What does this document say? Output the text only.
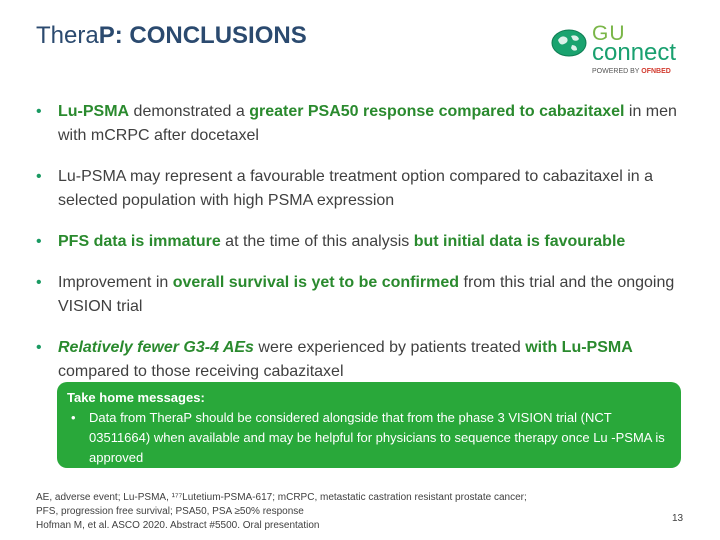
TheraP: CONCLUSIONS	GU
connect
POWERED BY OFNBED
• Lu-PSMA demonstrated a greater PSA50 response compared to cabazitaxel in men with mCRPC after docetaxel
• Lu-PSMA may represent a favourable treatment option compared to cabazitaxel in a selected population with high PSMA expression
• PFS data is immature at the time of this analysis but initial data is favourable
• Improvement in overall survival is yet to be confirmed from this trial and the ongoing VISION trial
• Relatively fewer G3-4 AEs were experienced by patients treated with Lu-PSMA compared to those receiving cabazitaxel
Take home messages:
• Data from TheraP should be considered alongside that from the phase 3 VISION trial (NCT 03511664) when available and may be helpful for physicians to sequence therapy once Lu -PSMA is approved
AE, adverse event; Lu-PSMA, ¹⁷⁷Lutetium-PSMA-617; mCRPC, metastatic castration resistant prostate cancer;
PFS, progression free survival; PSA50, PSA ≥50% response
Hofman M, et al. ASCO 2020. Abstract #5500. Oral presentation
13
